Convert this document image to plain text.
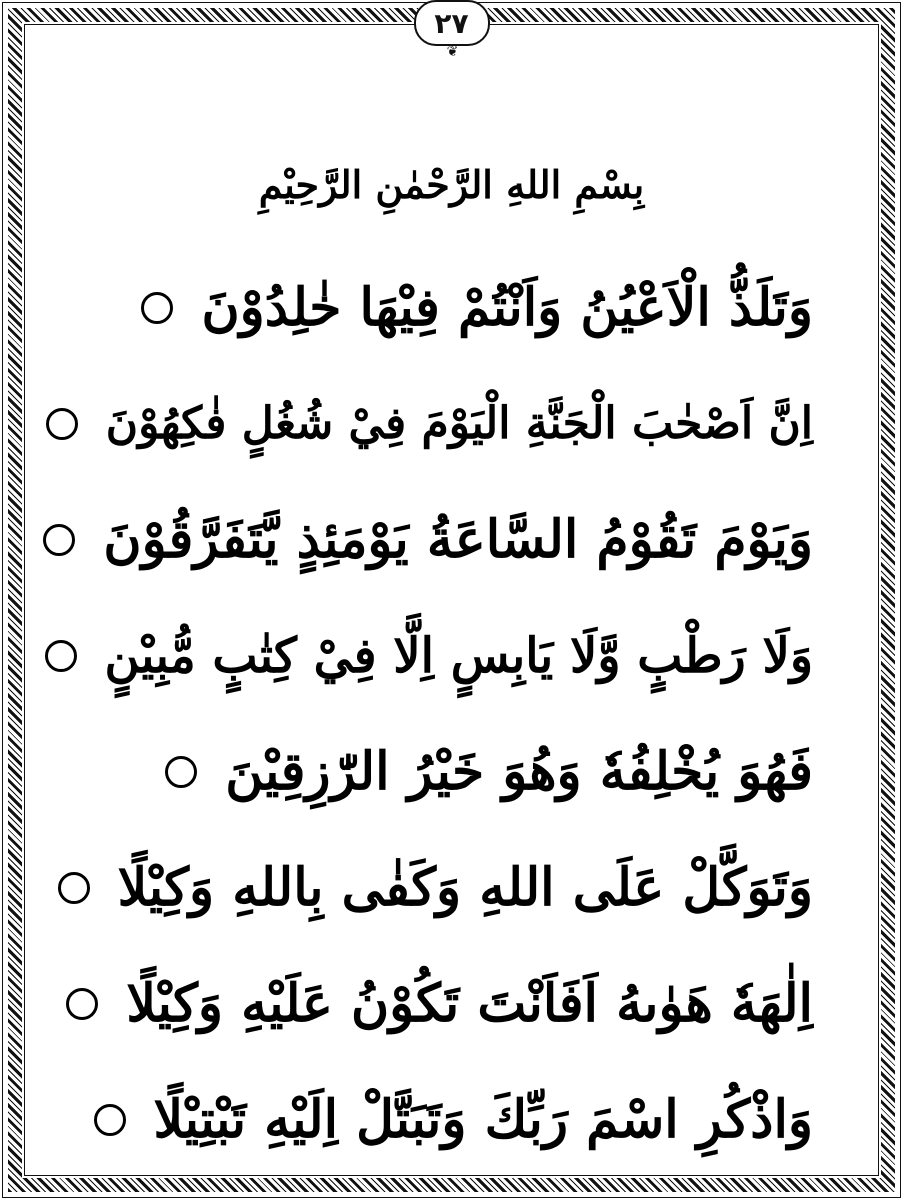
٢٧
❦
بِسْمِ اللهِ الرَّحْمٰنِ الرَّحِيْمِ
وَتَلَذُّ الْاَعْيُنُ وَاَنْتُمْ فِيْهَا خٰلِدُوْنَ
اِنَّ اَصْحٰبَ الْجَنَّةِ الْيَوْمَ فِيْ شُغُلٍ فٰكِهُوْنَ
وَيَوْمَ تَقُوْمُ السَّاعَةُ يَوْمَئِذٍ يَّتَفَرَّقُوْنَ
وَلَا رَطْبٍ وَّلَا يَابِسٍ اِلَّا فِيْ كِتٰبٍ مُّبِيْنٍ
فَهُوَ يُخْلِفُهٗ وَهُوَ خَيْرُ الرّٰزِقِيْنَ
وَتَوَكَّلْ عَلَى اللهِ وَكَفٰى بِاللهِ وَكِيْلًا
اِلٰهَهٗ هَوٰىهُ اَفَاَنْتَ تَكُوْنُ عَلَيْهِ وَكِيْلًا
وَاذْكُرِ اسْمَ رَبِّكَ وَتَبَتَّلْ اِلَيْهِ تَبْتِيْلًا
